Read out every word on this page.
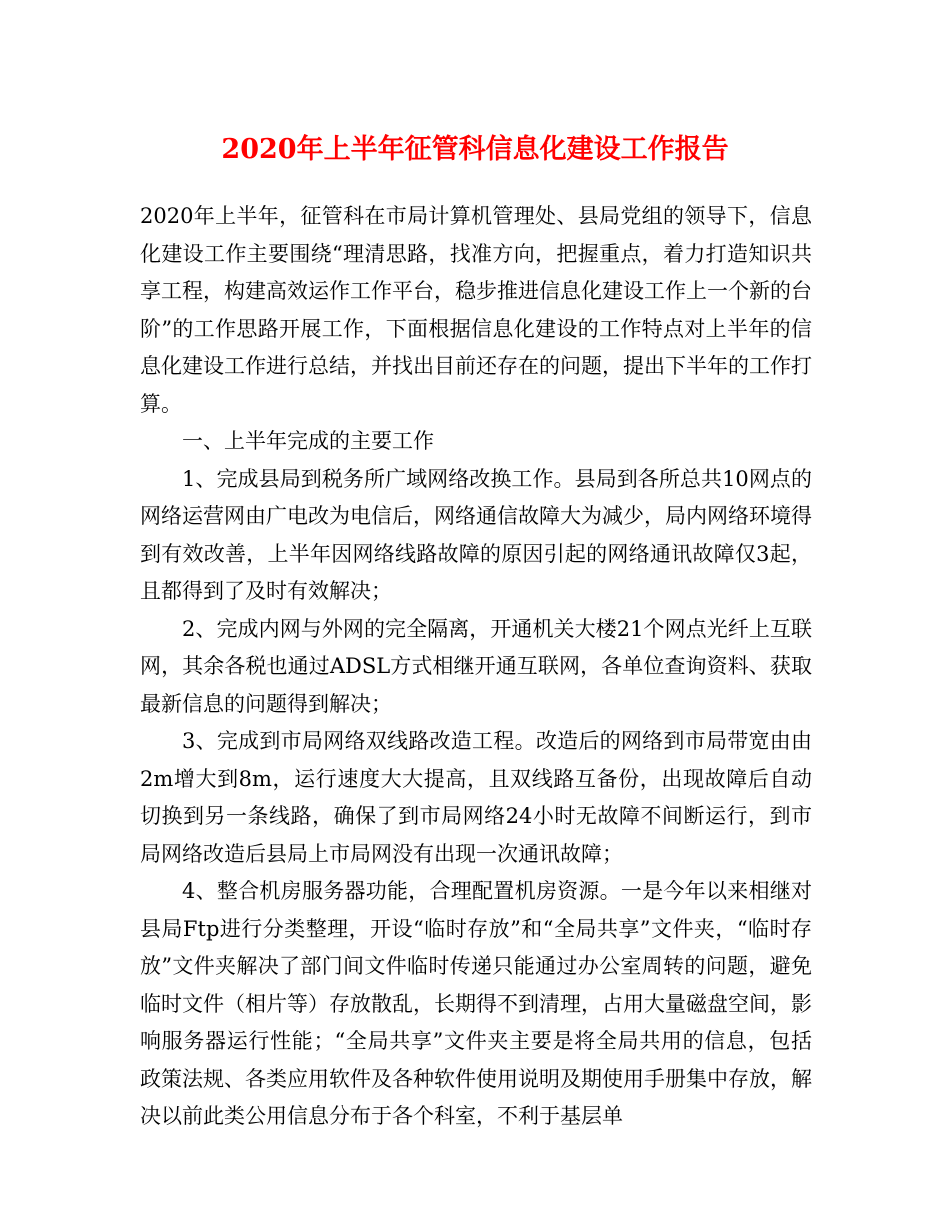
2020年上半年征管科信息化建设工作报告

2020年上半年，征管科在市局计算机管理处、县局党组的领导下，信息化建设工作主要围绕“理清思路，找准方向，把握重点，着力打造知识共享工程，构建高效运作工作平台，稳步推进信息化建设工作上一个新的台阶”的工作思路开展工作，下面根据信息化建设的工作特点对上半年的信息化建设工作进行总结，并找出目前还存在的问题，提出下半年的工作打算。

一、上半年完成的主要工作

1、完成县局到税务所广域网络改换工作。县局到各所总共10网点的网络运营网由广电改为电信后，网络通信故障大为减少，局内网络环境得到有效改善，上半年因网络线路故障的原因引起的网络通讯故障仅3起，且都得到了及时有效解决；

2、完成内网与外网的完全隔离，开通机关大楼21个网点光纤上互联网，其余各税也通过ADSL方式相继开通互联网，各单位查询资料、获取最新信息的问题得到解决；

3、完成到市局网络双线路改造工程。改造后的网络到市局带宽由由2m增大到8m，运行速度大大提高，且双线路互备份，出现故障后自动切换到另一条线路，确保了到市局网络24小时无故障不间断运行，到市局网络改造后县局上市局网没有出现一次通讯故障；

4、整合机房服务器功能，合理配置机房资源。一是今年以来相继对县局Ftp进行分类整理，开设“临时存放”和“全局共享”文件夹，“临时存放”文件夹解决了部门间文件临时传递只能通过办公室周转的问题，避免临时文件（相片等）存放散乱，长期得不到清理，占用大量磁盘空间，影响服务器运行性能；“全局共享”文件夹主要是将全局共用的信息，包括政策法规、各类应用软件及各种软件使用说明及期使用手册集中存放，解决以前此类公用信息分布于各个科室，不利于基层单
